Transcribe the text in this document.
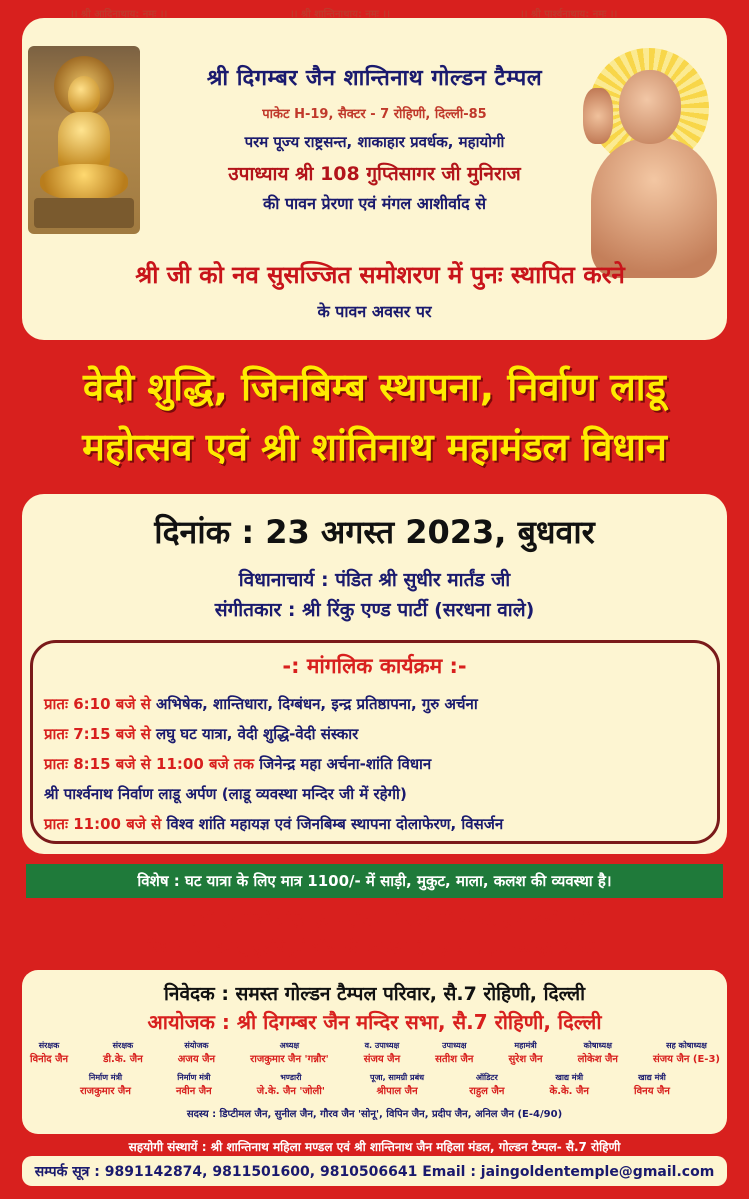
।। श्री आदिनाथाय: नमः ।।	।। श्री शान्तिनाथाय: नमः ।।	।। श्री पार्श्वनाथाय: नमः ।।
श्री दिगम्बर जैन शान्तिनाथ गोल्डन टैम्पल
पाकेट H-19, सैक्टर - 7 रोहिणी, दिल्ली-85
परम पूज्य राष्ट्रसन्त, शाकाहार प्रवर्धक, महायोगी
उपाध्याय श्री 108 गुप्तिसागर जी मुनिराज
की पावन प्रेरणा एवं मंगल आशीर्वाद से
श्री जी को नव सुसज्जित समोशरण में पुनः स्थापित करने
के पावन अवसर पर
वेदी शुद्धि, जिनबिम्ब स्थापना, निर्वाण लाडू
महोत्सव एवं श्री शांतिनाथ महामंडल विधान
दिनांक : 23 अगस्त 2023, बुधवार
विधानाचार्य : पंडित श्री सुधीर मार्तंड जी
संगीतकार : श्री रिंकु एण्ड पार्टी (सरधना वाले)
-: मांगलिक कार्यक्रम :-
प्रातः 6:10 बजे से अभिषेक, शान्तिधारा, दिग्बंधन, इन्द्र प्रतिष्ठापना, गुरु अर्चना
प्रातः 7:15 बजे से लघु घट यात्रा, वेदी शुद्धि-वेदी संस्कार
प्रातः 8:15 बजे से 11:00 बजे तक जिनेन्द्र महा अर्चना-शांति विधान
श्री पार्श्वनाथ निर्वाण लाडू अर्पण (लाडू व्यवस्था मन्दिर जी में रहेगी)
प्रातः 11:00 बजे से विश्व शांति महायज्ञ एवं जिनबिम्ब स्थापना दोलाफेरण, विसर्जन
विशेष : घट यात्रा के लिए मात्र 1100/- में साड़ी, मुकुट, माला, कलश की व्यवस्था है।
आप सभी इष्ट मित्रों सहित इस महोत्सव में सहभागी बनकर पुण्य अर्जन करें
विधान के पश्चात् सुरुचिपूर्ण भोज की व्यवस्था है, कृपया ग्रहण कर कृतार्थ करें।
निवेदक : समस्त गोल्डन टैम्पल परिवार, सै.7 रोहिणी, दिल्ली
आयोजक : श्री दिगम्बर जैन मन्दिर सभा, सै.7 रोहिणी, दिल्ली
संरक्षक
विनोद जैन
संरक्षक
डी.के. जैन
संयोजक
अजय जैन
अध्यक्ष
राजकुमार जैन 'गन्नौर'
व. उपाध्यक्ष
संजय जैन
उपाध्यक्ष
सतीश जैन
महामंत्री
सुरेश जैन
कोषाध्यक्ष
लोकेश जैन
सह कोषाध्यक्ष
संजय जैन (E-3)
निर्माण मंत्री
राजकुमार जैन
निर्माण मंत्री
नवीन जैन
भण्डारी
जे.के. जैन 'जोली'
पूजा, सामग्री प्रबंध
श्रीपाल जैन
ऑडिटर
राहुल जैन
खाद्य मंत्री
के.के. जैन
खाद्य मंत्री
विनय जैन
सदस्य : डिप्टीमल जैन, सुनील जैन, गौरव जैन 'सोनू', विपिन जैन, प्रदीप जैन, अनिल जैन (E-4/90)
सहयोगी संस्थायें : श्री शान्तिनाथ महिला मण्डल एवं श्री शान्तिनाथ जैन महिला मंडल, गोल्डन टैम्पल- सै.7 रोहिणी
सम्पर्क सूत्र : 9891142874, 9811501600, 9810506641 Email : jaingoldentemple@gmail.com
